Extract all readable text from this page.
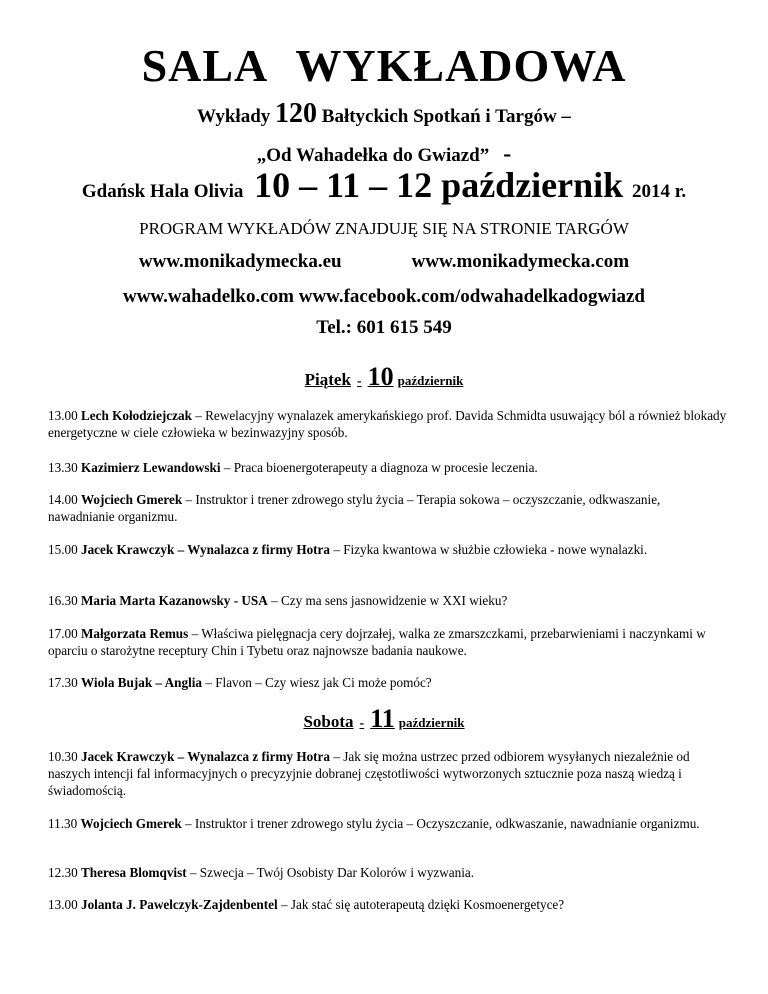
SALA WYKŁADOWA
Wykłady 120 Bałtyckich Spotkań i Targów –
„Od Wahadełka do Gwiazd” -
Gdańsk Hala Olivia 10 – 11 – 12 październik 2014 r.
PROGRAM WYKŁADÓW ZNAJDUJĘ SIĘ NA STRONIE TARGÓW
www.monikadymecka.eu	www.monikadymecka.com
www.wahadelko.com www.facebook.com/odwahadelkadogwiazd
Tel.: 601 615 549
Piątek - 10 październik
13.00 Lech Kołodziejczak – Rewelacyjny wynalazek amerykańskiego prof. Davida Schmidta usuwający ból a również blokady energetyczne w ciele człowieka w bezinwazyjny sposób.
13.30 Kazimierz Lewandowski – Praca bioenergoterapeuty a diagnoza w procesie leczenia.
14.00 Wojciech Gmerek – Instruktor i trener zdrowego stylu życia – Terapia sokowa – oczyszczanie, odkwaszanie, nawadnianie organizmu.
15.00 Jacek Krawczyk – Wynalazca z firmy Hotra – Fizyka kwantowa w służbie człowieka - nowe wynalazki.
16.30 Maria Marta Kazanowsky - USA – Czy ma sens jasnowidzenie w XXI wieku?
17.00 Małgorzata Remus – Właściwa pielęgnacja cery dojrzałej, walka ze zmarszczkami, przebarwieniami i naczynkami w oparciu o starożytne receptury Chin i Tybetu oraz najnowsze badania naukowe.
17.30 Wiola Bujak – Anglia – Flavon – Czy wiesz jak Ci może pomóc?
Sobota - 11 październik
10.30 Jacek Krawczyk – Wynalazca z firmy Hotra – Jak się można ustrzec przed odbiorem wysyłanych niezależnie od naszych intencji fal informacyjnych o precyzyjnie dobranej częstotliwości wytworzonych sztucznie poza naszą wiedzą i świadomością.
11.30 Wojciech Gmerek – Instruktor i trener zdrowego stylu życia – Oczyszczanie, odkwaszanie, nawadnianie organizmu.
12.30 Theresa Blomqvist – Szwecja – Twój Osobisty Dar Kolorów i wyzwania.
13.00 Jolanta J. Pawelczyk-Zajdenbentel – Jak stać się autoterapeutą dzięki Kosmoenergetyce?
